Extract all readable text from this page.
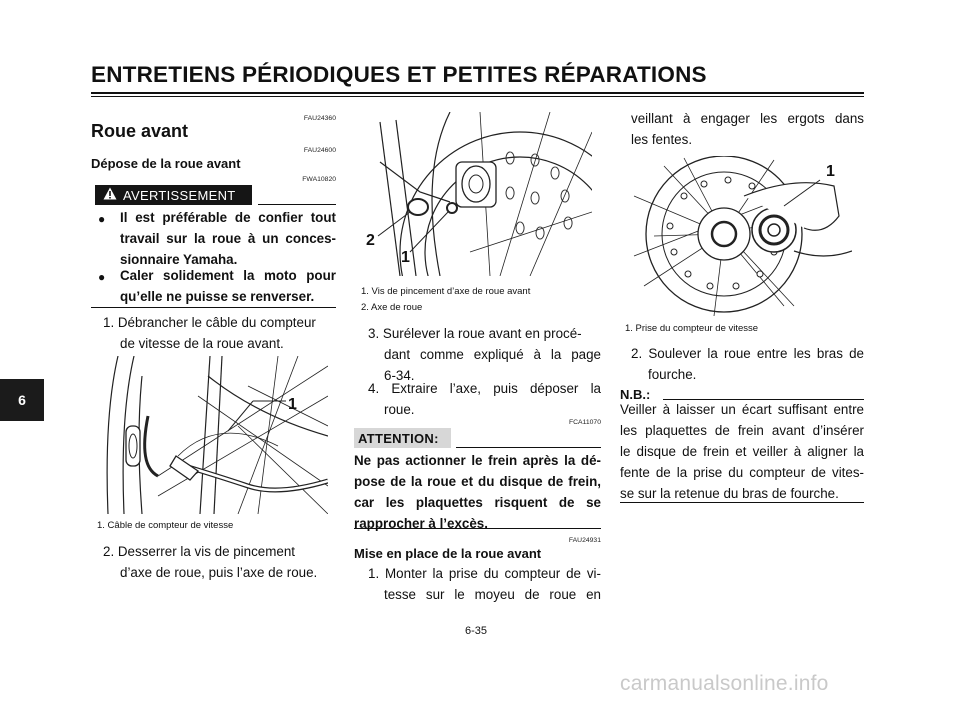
ENTRETIENS PÉRIODIQUES ET PETITES RÉPARATIONS
6
FAU24360
Roue avant
FAU24600
Dépose de la roue avant
FWA10820
AVERTISSEMENT
● Il est préférable de confier tout
travail sur la roue à un conces-
sionnaire Yamaha.
● Caler solidement la moto pour
qu’elle ne puisse se renverser.
1. Débrancher le câble du compteur
de vitesse de la roue avant.
1
1. Câble de compteur de vitesse
2. Desserrer la vis de pincement
d’axe de roue, puis l’axe de roue.
2
1
1. Vis de pincement d’axe de roue avant
2. Axe de roue
3. Surélever la roue avant en procé-
dant comme expliqué à la page
6-34.
4. Extraire l’axe, puis déposer la
roue.
FCA11070
ATTENTION:
Ne pas actionner le frein après la dé-
pose de la roue et du disque de frein,
car les plaquettes risquent de se
rapprocher à l’excès.
FAU24931
Mise en place de la roue avant
1. Monter la prise du compteur de vi-
tesse sur le moyeu de roue en
veillant à engager les ergots dans
les fentes.
1
1. Prise du compteur de vitesse
2. Soulever la roue entre les bras de
fourche.
N.B.:
Veiller à laisser un écart suffisant entre
les plaquettes de frein avant d’insérer
le disque de frein et veiller à aligner la
fente de la prise du compteur de vites-
se sur la retenue du bras de fourche.
6-35
carmanualsonline.info
